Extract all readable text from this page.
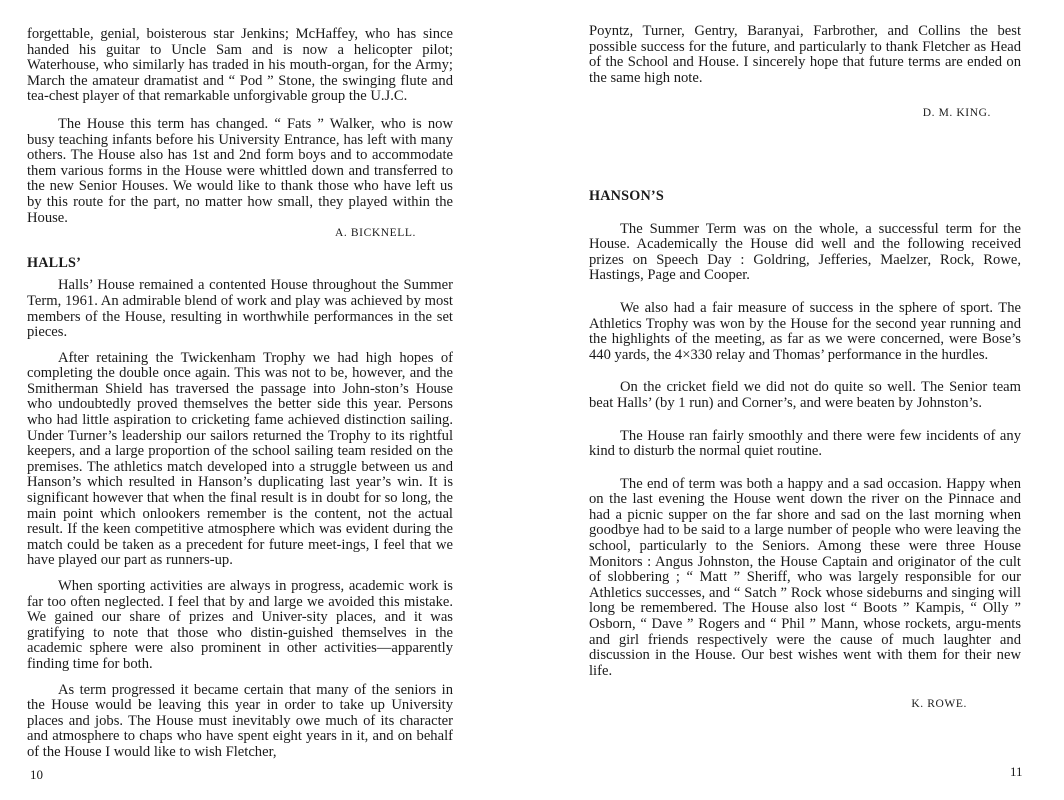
forgettable, genial, boisterous star Jenkins; McHaffey, who has since handed his guitar to Uncle Sam and is now a helicopter pilot; Waterhouse, who similarly has traded in his mouth-organ, for the Army; March the amateur dramatist and “ Pod ” Stone, the swinging flute and tea-chest player of that remarkable unforgivable group the U.J.C.

The House this term has changed. “ Fats ” Walker, who is now busy teaching infants before his University Entrance, has left with many others. The House also has 1st and 2nd form boys and to accommodate them various forms in the House were whittled down and transferred to the new Senior Houses. We would like to thank those who have left us by this route for the part, no matter how small, they played within the House.

A. BICKNELL.

HALLS’

Halls’ House remained a contented House throughout the Summer Term, 1961. An admirable blend of work and play was achieved by most members of the House, resulting in worthwhile performances in the set pieces.

After retaining the Twickenham Trophy we had high hopes of completing the double once again. This was not to be, however, and the Smitherman Shield has traversed the passage into John-ston’s House who undoubtedly proved themselves the better side this year. Persons who had little aspiration to cricketing fame achieved distinction sailing. Under Turner’s leadership our sailors returned the Trophy to its rightful keepers, and a large proportion of the school sailing team resided on the premises. The athletics match developed into a struggle between us and Hanson’s which resulted in Hanson’s duplicating last year’s win. It is significant however that when the final result is in doubt for so long, the main point which onlookers remember is the content, not the actual result. If the keen competitive atmosphere which was evident during the match could be taken as a precedent for future meet-ings, I feel that we have played our part as runners-up.

When sporting activities are always in progress, academic work is far too often neglected. I feel that by and large we avoided this mistake. We gained our share of prizes and Univer-sity places, and it was gratifying to note that those who distin-guished themselves in the academic sphere were also prominent in other activities—apparently finding time for both.

As term progressed it became certain that many of the seniors in the House would be leaving this year in order to take up University places and jobs. The House must inevitably owe much of its character and atmosphere to chaps who have spent eight years in it, and on behalf of the House I would like to wish Fletcher,

10

Poyntz, Turner, Gentry, Baranyai, Farbrother, and Collins the best possible success for the future, and particularly to thank Fletcher as Head of the School and House. I sincerely hope that future terms are ended on the same high note.

D. M. KING.

HANSON’S

The Summer Term was on the whole, a successful term for the House. Academically the House did well and the following received prizes on Speech Day : Goldring, Jefferies, Maelzer, Rock, Rowe, Hastings, Page and Cooper.

We also had a fair measure of success in the sphere of sport. The Athletics Trophy was won by the House for the second year running and the highlights of the meeting, as far as we were concerned, were Bose’s 440 yards, the 4×330 relay and Thomas’ performance in the hurdles.

On the cricket field we did not do quite so well. The Senior team beat Halls’ (by 1 run) and Corner’s, and were beaten by Johnston’s.

The House ran fairly smoothly and there were few incidents of any kind to disturb the normal quiet routine.

The end of term was both a happy and a sad occasion. Happy when on the last evening the House went down the river on the Pinnace and had a picnic supper on the far shore and sad on the last morning when goodbye had to be said to a large number of people who were leaving the school, particularly to the Seniors. Among these were three House Monitors : Angus Johnston, the House Captain and originator of the cult of slobbering ; “ Matt ” Sheriff, who was largely responsible for our Athletics successes, and “ Satch ” Rock whose sideburns and singing will long be remembered. The House also lost “ Boots ” Kampis, “ Olly ” Osborn, “ Dave ” Rogers and “ Phil ” Mann, whose rockets, argu-ments and girl friends respectively were the cause of much laughter and discussion in the House. Our best wishes went with them for their new life.

K. ROWE.

11
